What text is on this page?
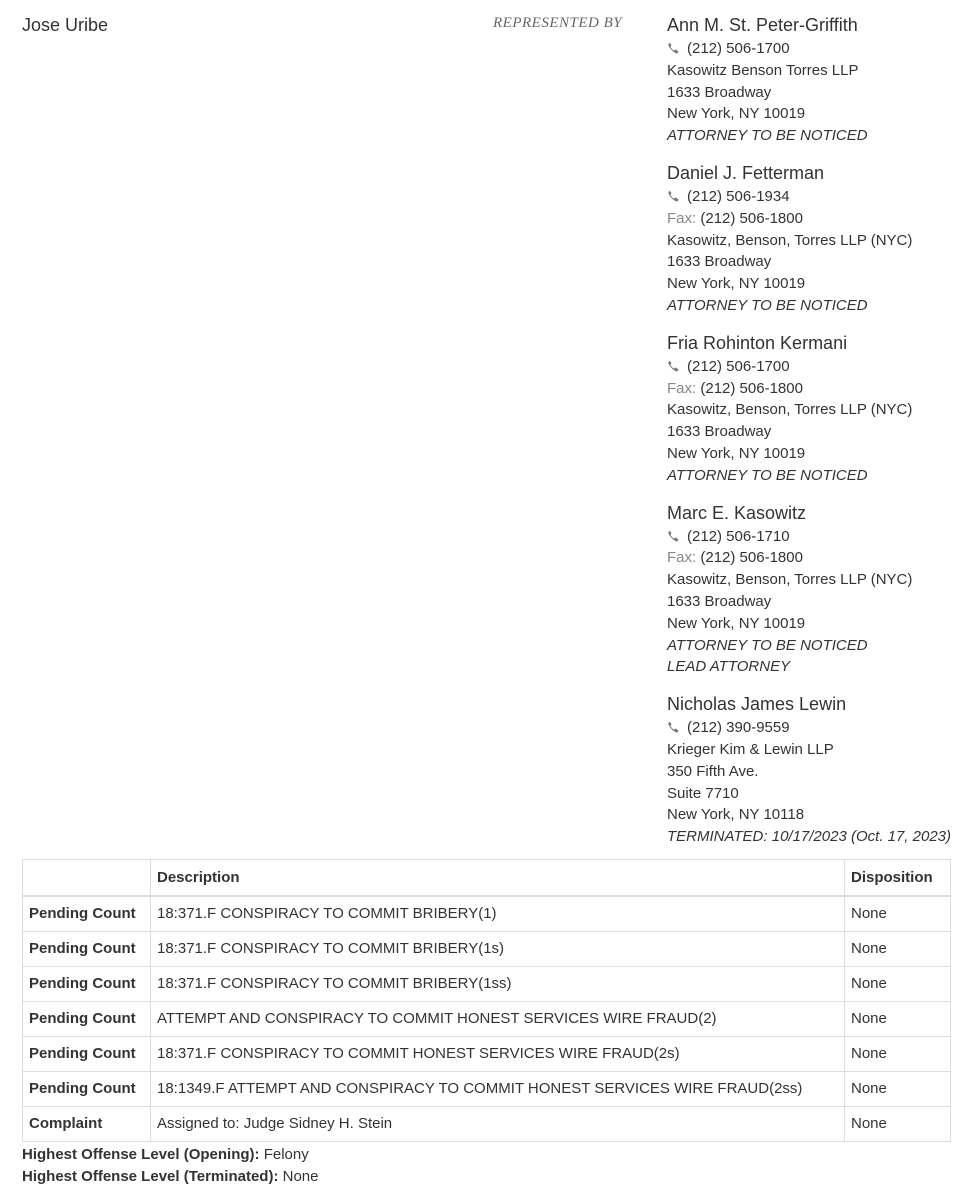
Jose Uribe	REPRESENTED BY Ann M. St. Peter-Griffith
(212) 506-1700
Kasowitz Benson Torres LLP
1633 Broadway
New York, NY 10019
ATTORNEY TO BE NOTICED
Daniel J. Fetterman
(212) 506-1934
Fax: (212) 506-1800
Kasowitz, Benson, Torres LLP (NYC)
1633 Broadway
New York, NY 10019
ATTORNEY TO BE NOTICED
Fria Rohinton Kermani
(212) 506-1700
Fax: (212) 506-1800
Kasowitz, Benson, Torres LLP (NYC)
1633 Broadway
New York, NY 10019
ATTORNEY TO BE NOTICED
Marc E. Kasowitz
(212) 506-1710
Fax: (212) 506-1800
Kasowitz, Benson, Torres LLP (NYC)
1633 Broadway
New York, NY 10019
ATTORNEY TO BE NOTICED
LEAD ATTORNEY
Nicholas James Lewin
(212) 390-9559
Krieger Kim & Lewin LLP
350 Fifth Ave.
Suite 7710
New York, NY 10118
TERMINATED: 10/17/2023 (Oct. 17, 2023)
	Description	Disposition
Pending Count	18:371.F CONSPIRACY TO COMMIT BRIBERY(1)	None
Pending Count	18:371.F CONSPIRACY TO COMMIT BRIBERY(1s)	None
Pending Count	18:371.F CONSPIRACY TO COMMIT BRIBERY(1ss)	None
Pending Count	ATTEMPT AND CONSPIRACY TO COMMIT HONEST SERVICES WIRE FRAUD(2)	None
Pending Count	18:371.F CONSPIRACY TO COMMIT HONEST SERVICES WIRE FRAUD(2s)	None
Pending Count	18:1349.F ATTEMPT AND CONSPIRACY TO COMMIT HONEST SERVICES WIRE FRAUD(2ss)	None
Complaint	Assigned to: Judge Sidney H. Stein	None
Highest Offense Level (Opening): Felony
Highest Offense Level (Terminated): None
